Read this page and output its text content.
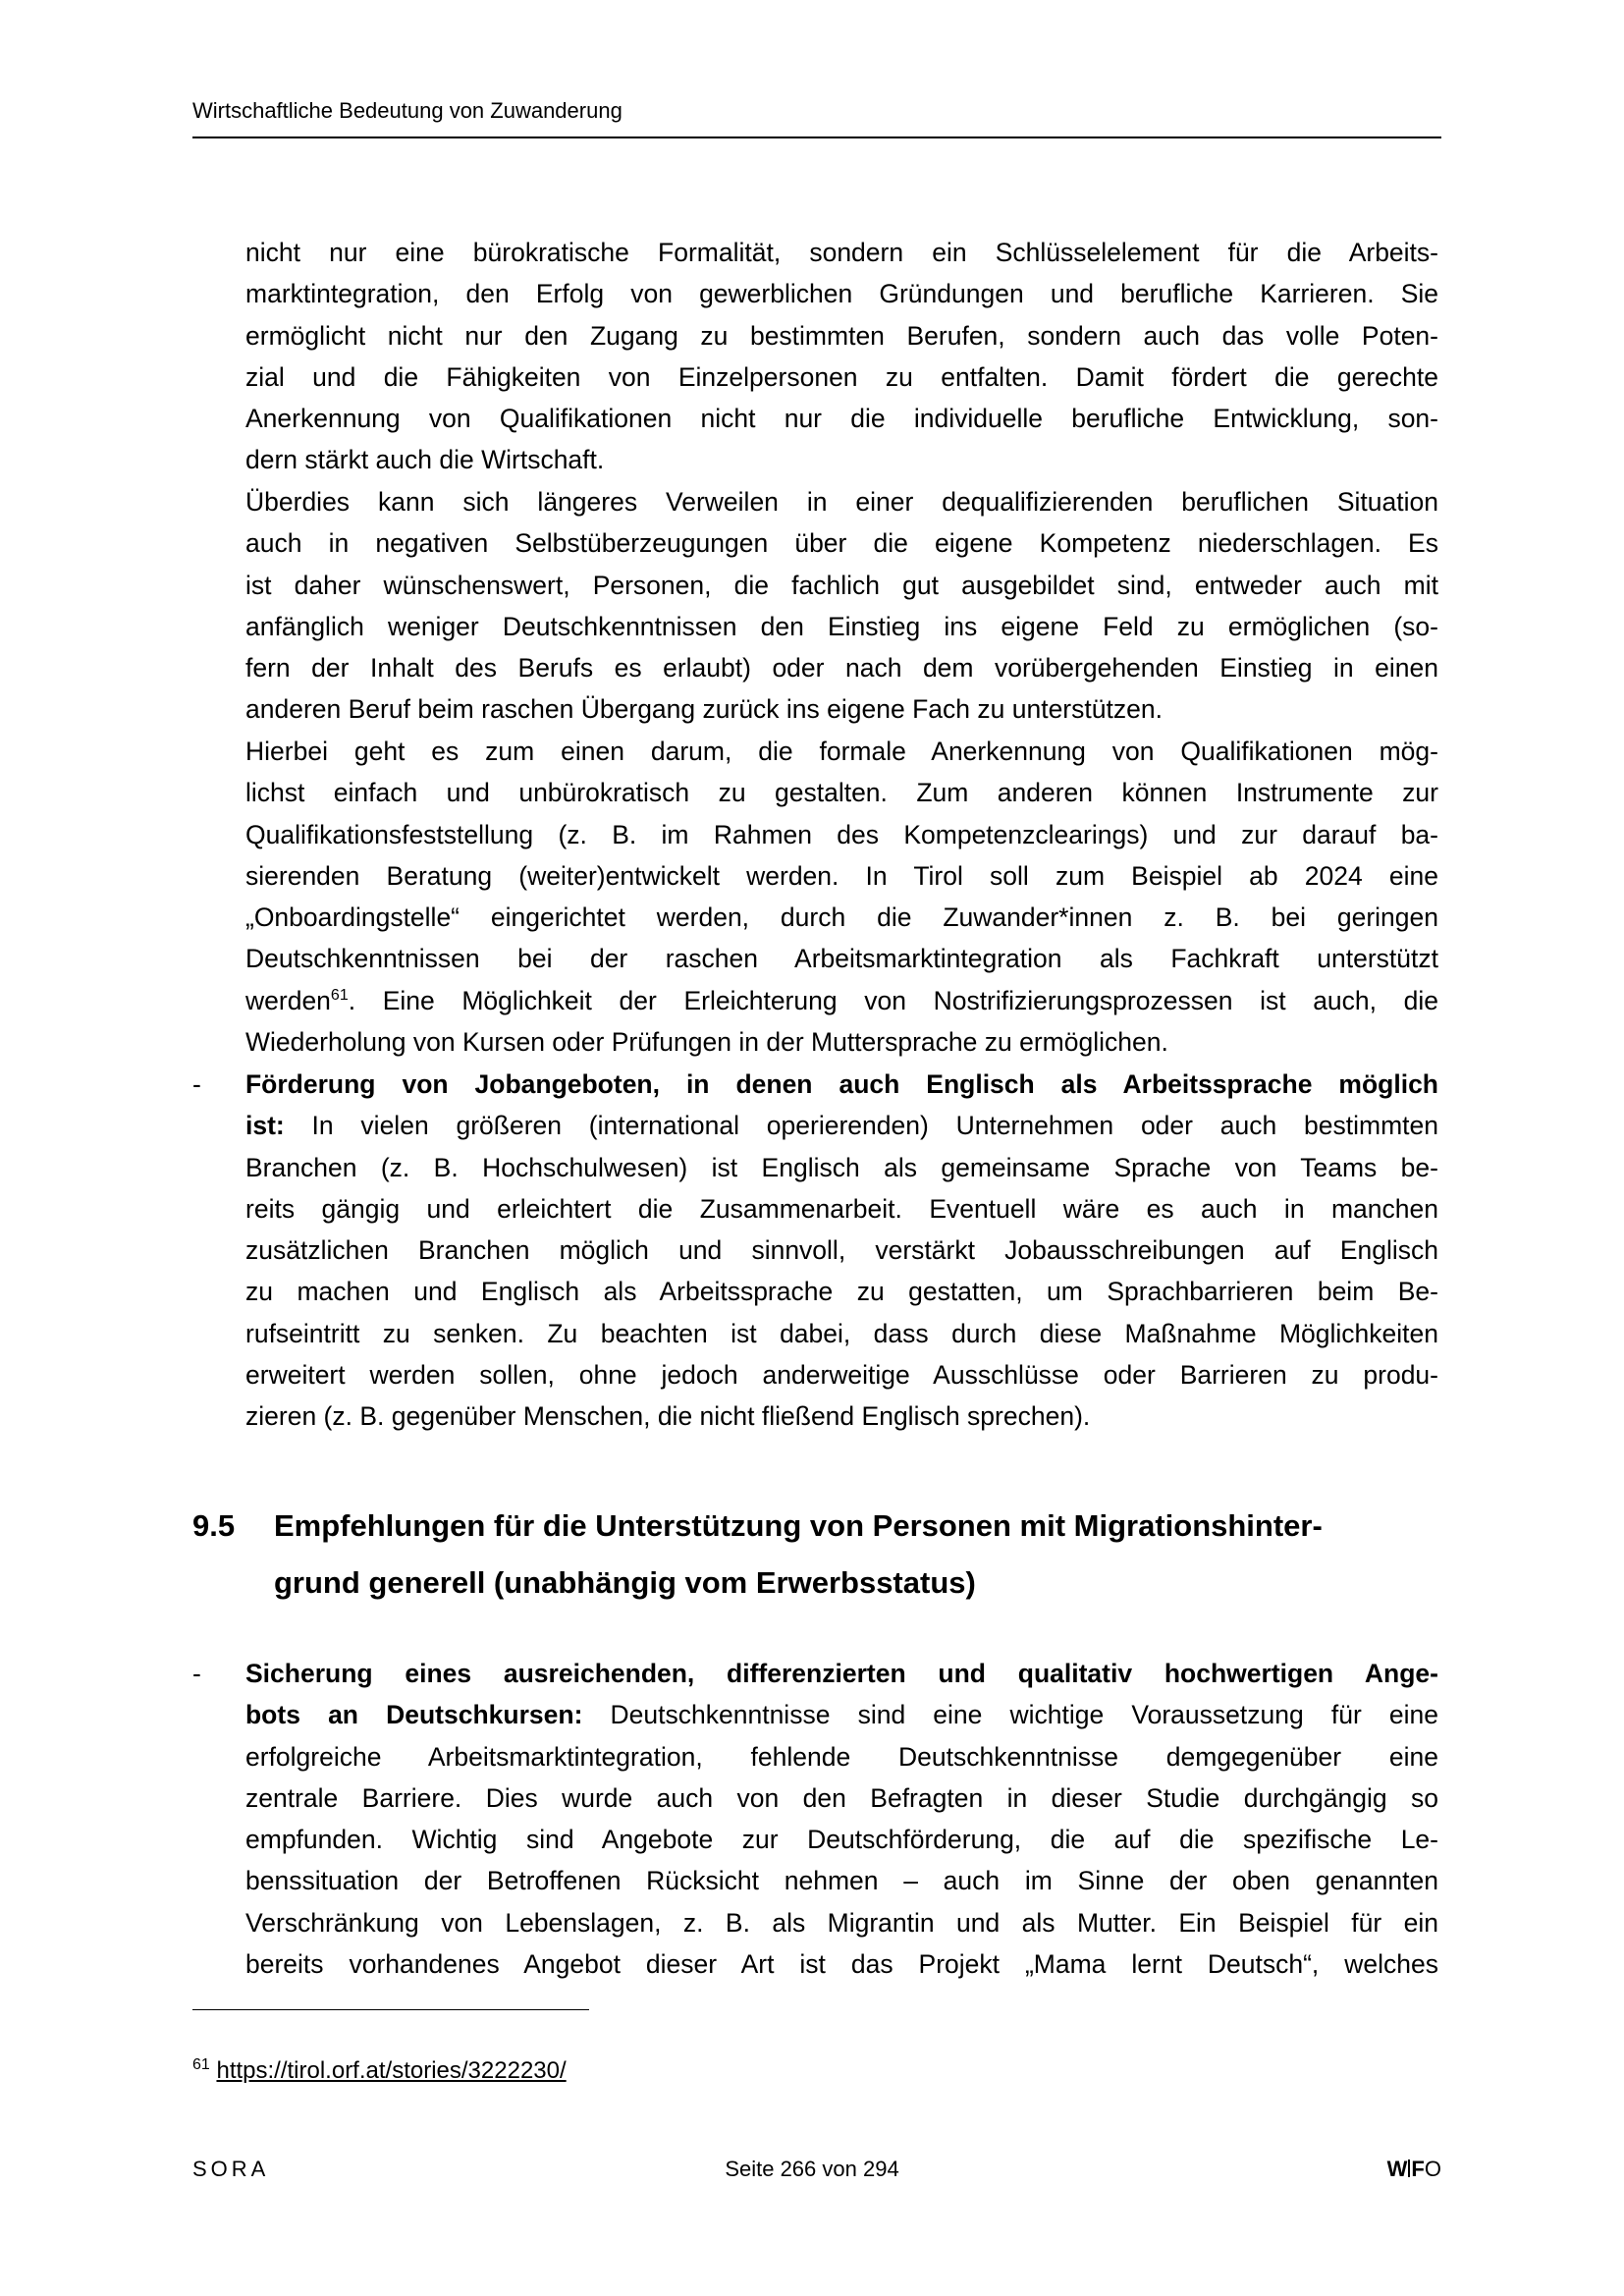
Wirtschaftliche Bedeutung von Zuwanderung
nicht nur eine bürokratische Formalität, sondern ein Schlüsselelement für die Arbeits-
marktintegration, den Erfolg von gewerblichen Gründungen und berufliche Karrieren. Sie
ermöglicht nicht nur den Zugang zu bestimmten Berufen, sondern auch das volle Poten-
zial und die Fähigkeiten von Einzelpersonen zu entfalten. Damit fördert die gerechte
Anerkennung von Qualifikationen nicht nur die individuelle berufliche Entwicklung, son-
dern stärkt auch die Wirtschaft.
Überdies kann sich längeres Verweilen in einer dequalifizierenden beruflichen Situation
auch in negativen Selbstüberzeugungen über die eigene Kompetenz niederschlagen. Es
ist daher wünschenswert, Personen, die fachlich gut ausgebildet sind, entweder auch mit
anfänglich weniger Deutschkenntnissen den Einstieg ins eigene Feld zu ermöglichen (so-
fern der Inhalt des Berufs es erlaubt) oder nach dem vorübergehenden Einstieg in einen
anderen Beruf beim raschen Übergang zurück ins eigene Fach zu unterstützen.
Hierbei geht es zum einen darum, die formale Anerkennung von Qualifikationen mög-
lichst einfach und unbürokratisch zu gestalten. Zum anderen können Instrumente zur
Qualifikationsfeststellung (z. B. im Rahmen des Kompetenzclearings) und zur darauf ba-
sierenden Beratung (weiter)entwickelt werden. In Tirol soll zum Beispiel ab 2024 eine
„Onboardingstelle“ eingerichtet werden, durch die Zuwander*innen z. B. bei geringen
Deutschkenntnissen bei der raschen Arbeitsmarktintegration als Fachkraft unterstützt
werden$^{61}$. Eine Möglichkeit der Erleichterung von Nostrifizierungsprozessen ist auch, die
Wiederholung von Kursen oder Prüfungen in der Muttersprache zu ermöglichen.
- Förderung von Jobangeboten, in denen auch Englisch als Arbeitssprache möglich
ist: In vielen größeren (international operierenden) Unternehmen oder auch bestimmten
Branchen (z. B. Hochschulwesen) ist Englisch als gemeinsame Sprache von Teams be-
reits gängig und erleichtert die Zusammenarbeit. Eventuell wäre es auch in manchen
zusätzlichen Branchen möglich und sinnvoll, verstärkt Jobausschreibungen auf Englisch
zu machen und Englisch als Arbeitssprache zu gestatten, um Sprachbarrieren beim Be-
rufseintritt zu senken. Zu beachten ist dabei, dass durch diese Maßnahme Möglichkeiten
erweitert werden sollen, ohne jedoch anderweitige Ausschlüsse oder Barrieren zu produ-
zieren (z. B. gegenüber Menschen, die nicht fließend Englisch sprechen).
9.5 Empfehlungen für die Unterstützung von Personen mit Migrationshinter-
grund generell (unabhängig vom Erwerbsstatus)
- Sicherung eines ausreichenden, differenzierten und qualitativ hochwertigen Ange-
bots an Deutschkursen: Deutschkenntnisse sind eine wichtige Voraussetzung für eine
erfolgreiche Arbeitsmarktintegration, fehlende Deutschkenntnisse demgegenüber eine
zentrale Barriere. Dies wurde auch von den Befragten in dieser Studie durchgängig so
empfunden. Wichtig sind Angebote zur Deutschförderung, die auf die spezifische Le-
benssituation der Betroffenen Rücksicht nehmen – auch im Sinne der oben genannten
Verschränkung von Lebenslagen, z. B. als Migrantin und als Mutter. Ein Beispiel für ein
bereits vorhandenes Angebot dieser Art ist das Projekt „Mama lernt Deutsch“, welches
$^{61}$ https://tirol.orf.at/stories/3222230/
SORA	Seite 266 von 294	W FO
